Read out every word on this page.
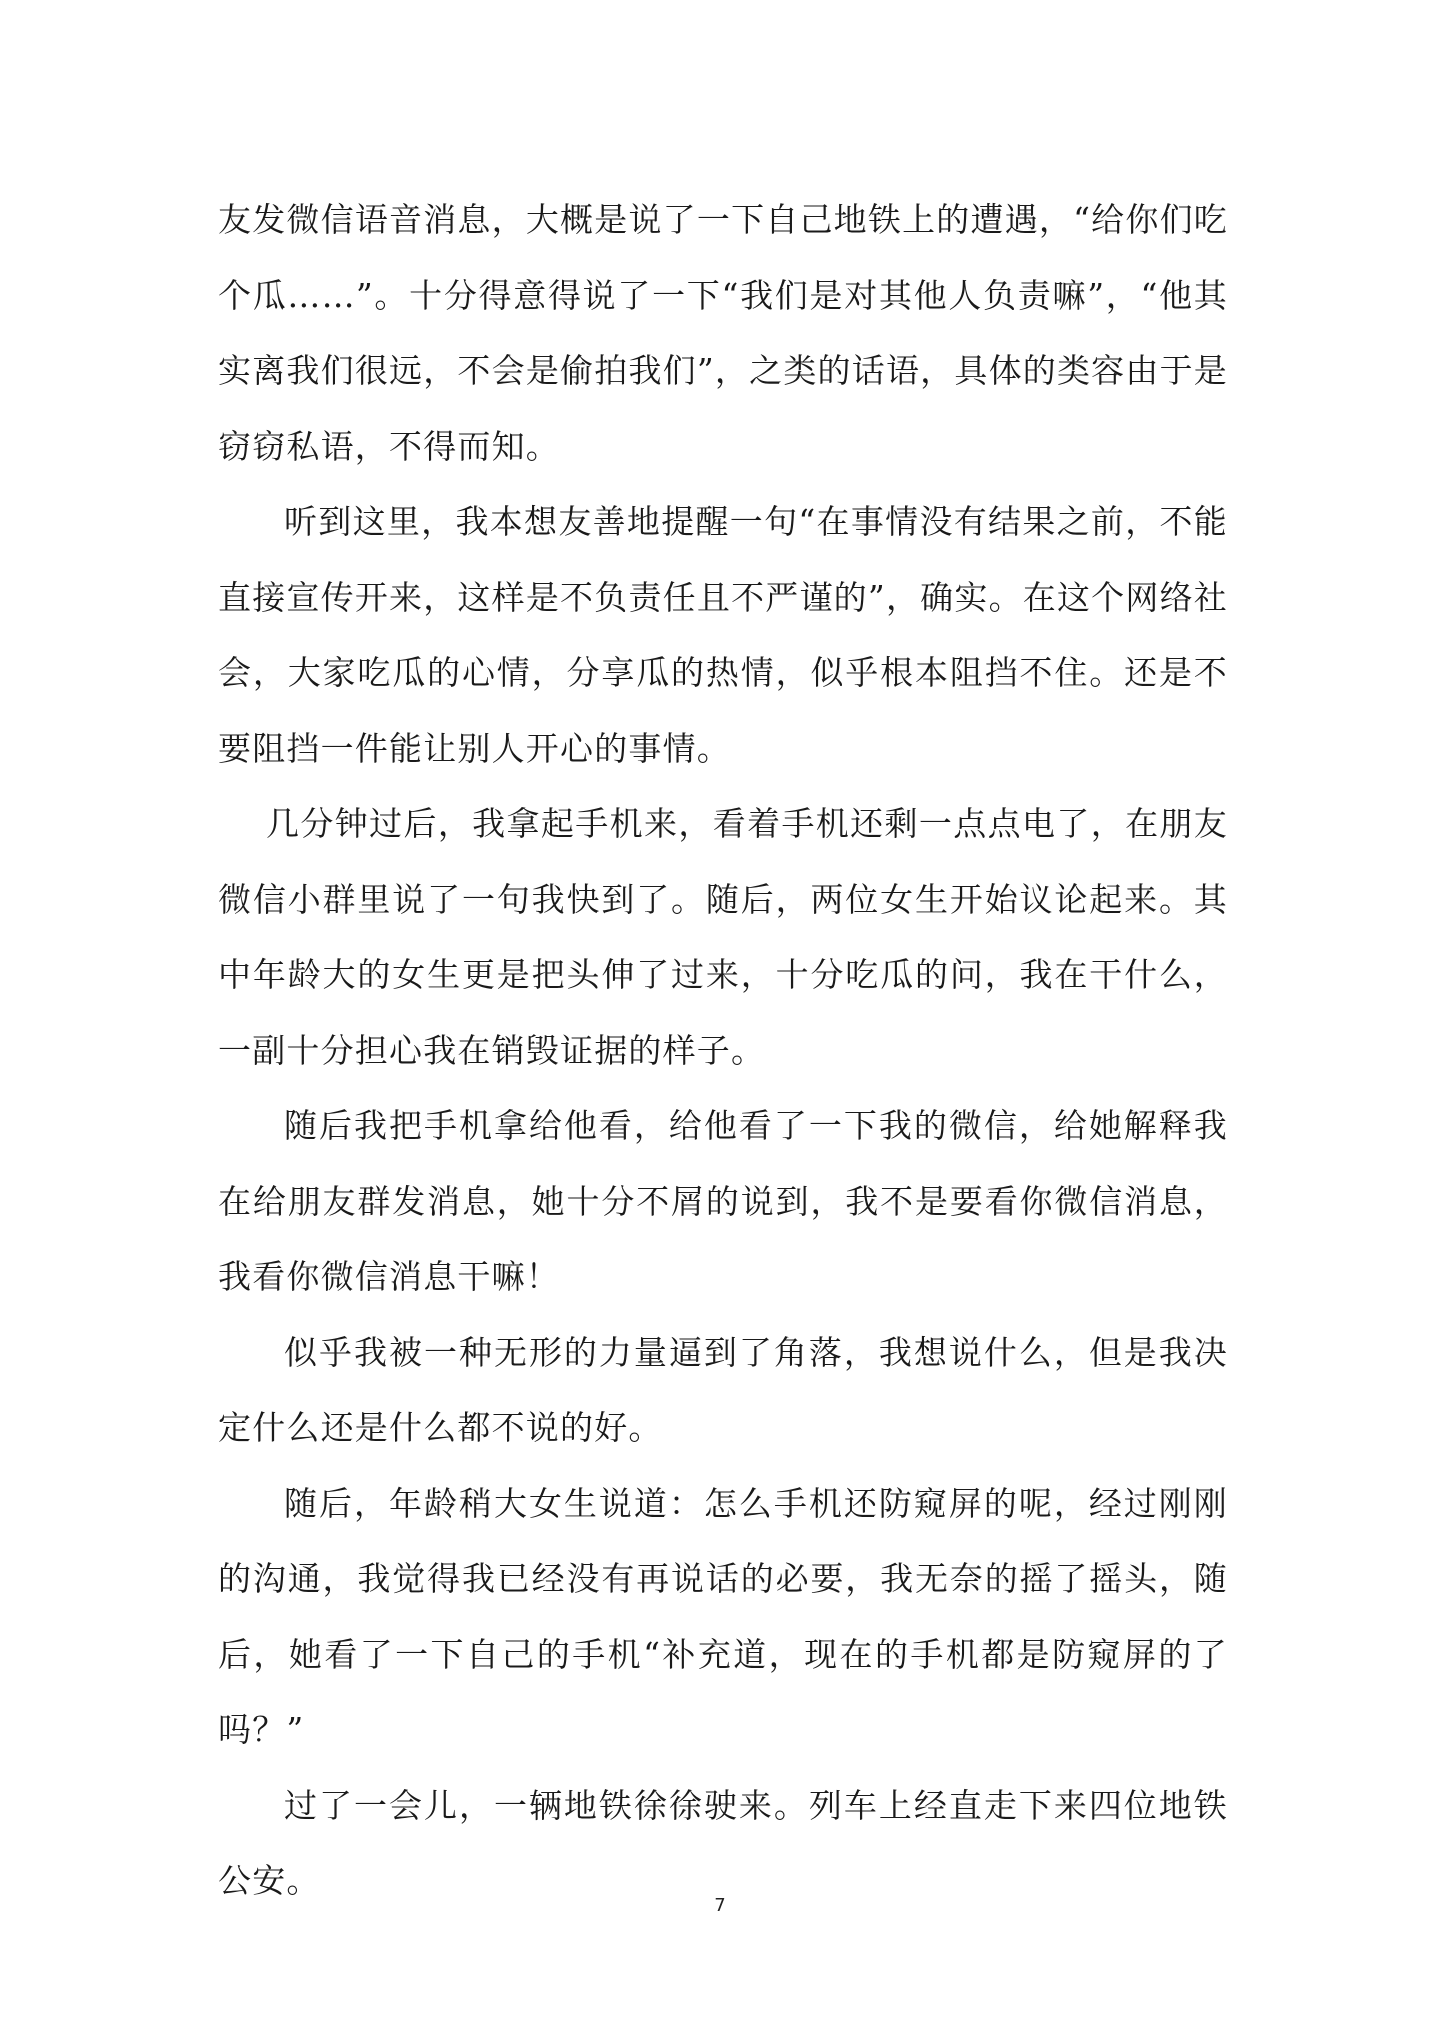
友发微信语音消息，大概是说了一下自己地铁上的遭遇，“给你们吃个瓜……”。十分得意得说了一下“我们是对其他人负责嘛”，“他其实离我们很远，不会是偷拍我们”，之类的话语，具体的类容由于是窃窃私语，不得而知。

听到这里，我本想友善地提醒一句“在事情没有结果之前，不能直接宣传开来，这样是不负责任且不严谨的”，确实。在这个网络社会，大家吃瓜的心情，分享瓜的热情，似乎根本阻挡不住。还是不要阻挡一件能让别人开心的事情。

几分钟过后，我拿起手机来，看着手机还剩一点点电了，在朋友微信小群里说了一句我快到了。随后，两位女生开始议论起来。其中年龄大的女生更是把头伸了过来，十分吃瓜的问，我在干什么，一副十分担心我在销毁证据的样子。

随后我把手机拿给他看，给他看了一下我的微信，给她解释我在给朋友群发消息，她十分不屑的说到，我不是要看你微信消息，我看你微信消息干嘛！

似乎我被一种无形的力量逼到了角落，我想说什么，但是我决定什么还是什么都不说的好。

随后，年龄稍大女生说道：怎么手机还防窥屏的呢，经过刚刚的沟通，我觉得我已经没有再说话的必要，我无奈的摇了摇头，随后，她看了一下自己的手机“补充道，现在的手机都是防窥屏的了吗？”

过了一会儿，一辆地铁徐徐驶来。列车上经直走下来四位地铁公安。

7
